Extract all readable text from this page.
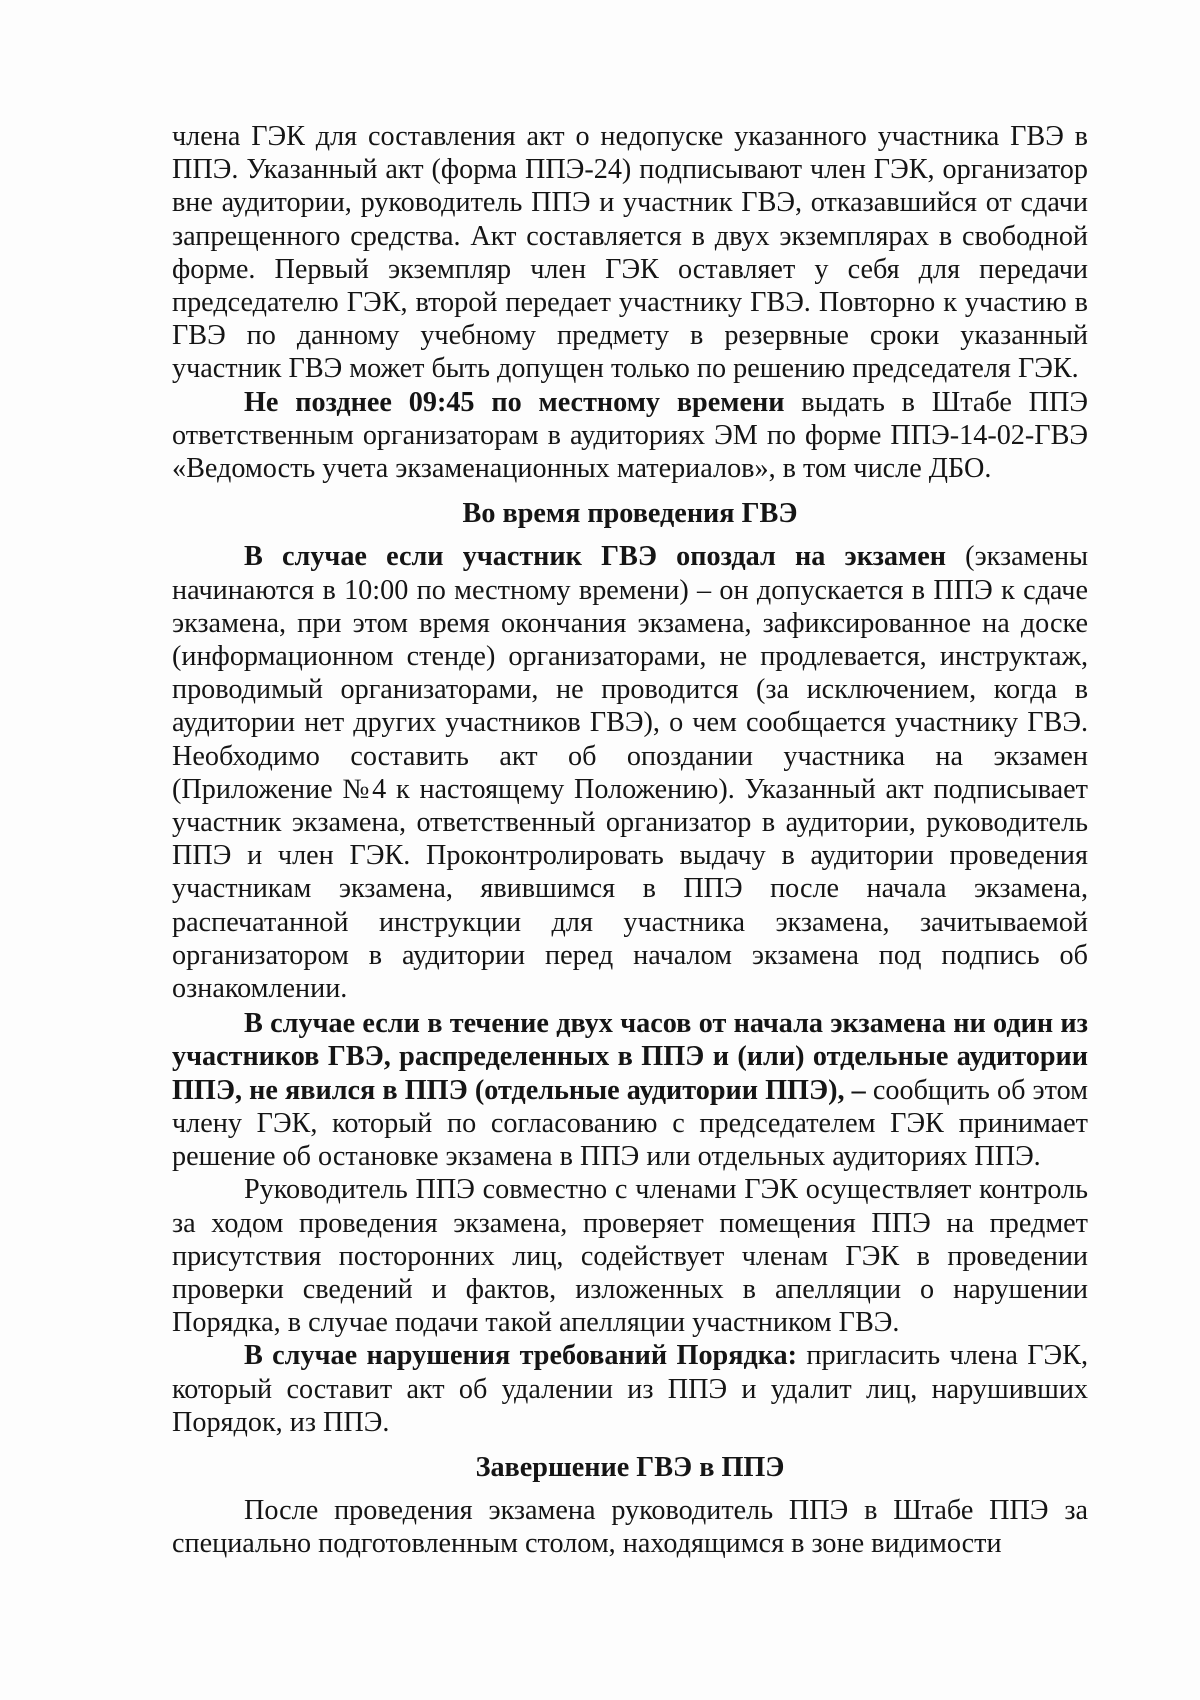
члена ГЭК для составления акт о недопуске указанного участника ГВЭ в ППЭ. Указанный акт (форма ППЭ-24) подписывают член ГЭК, организатор вне аудитории, руководитель ППЭ и участник ГВЭ, отказавшийся от сдачи запрещенного средства. Акт составляется в двух экземплярах в свободной форме. Первый экземпляр член ГЭК оставляет у себя для передачи председателю ГЭК, второй передает участнику ГВЭ. Повторно к участию в ГВЭ по данному учебному предмету в резервные сроки указанный участник ГВЭ может быть допущен только по решению председателя ГЭК.

Не позднее 09:45 по местному времени выдать в Штабе ППЭ ответственным организаторам в аудиториях ЭМ по форме ППЭ-14-02-ГВЭ «Ведомость учета экзаменационных материалов», в том числе ДБО.

Во время проведения ГВЭ

В случае если участник ГВЭ опоздал на экзамен (экзамены начинаются в 10:00 по местному времени) – он допускается в ППЭ к сдаче экзамена, при этом время окончания экзамена, зафиксированное на доске (информационном стенде) организаторами, не продлевается, инструктаж, проводимый организаторами, не проводится (за исключением, когда в аудитории нет других участников ГВЭ), о чем сообщается участнику ГВЭ. Необходимо составить акт об опоздании участника на экзамен (Приложение №4 к настоящему Положению). Указанный акт подписывает участник экзамена, ответственный организатор в аудитории, руководитель ППЭ и член ГЭК. Проконтролировать выдачу в аудитории проведения участникам экзамена, явившимся в ППЭ после начала экзамена, распечатанной инструкции для участника экзамена, зачитываемой организатором в аудитории перед началом экзамена под подпись об ознакомлении.

В случае если в течение двух часов от начала экзамена ни один из участников ГВЭ, распределенных в ППЭ и (или) отдельные аудитории ППЭ, не явился в ППЭ (отдельные аудитории ППЭ), – сообщить об этом члену ГЭК, который по согласованию с председателем ГЭК принимает решение об остановке экзамена в ППЭ или отдельных аудиториях ППЭ.

Руководитель ППЭ совместно с членами ГЭК осуществляет контроль за ходом проведения экзамена, проверяет помещения ППЭ на предмет присутствия посторонних лиц, содействует членам ГЭК в проведении проверки сведений и фактов, изложенных в апелляции о нарушении Порядка, в случае подачи такой апелляции участником ГВЭ.

В случае нарушения требований Порядка: пригласить члена ГЭК, который составит акт об удалении из ППЭ и удалит лиц, нарушивших Порядок, из ППЭ.

Завершение ГВЭ в ППЭ

После проведения экзамена руководитель ППЭ в Штабе ППЭ за специально подготовленным столом, находящимся в зоне видимости
